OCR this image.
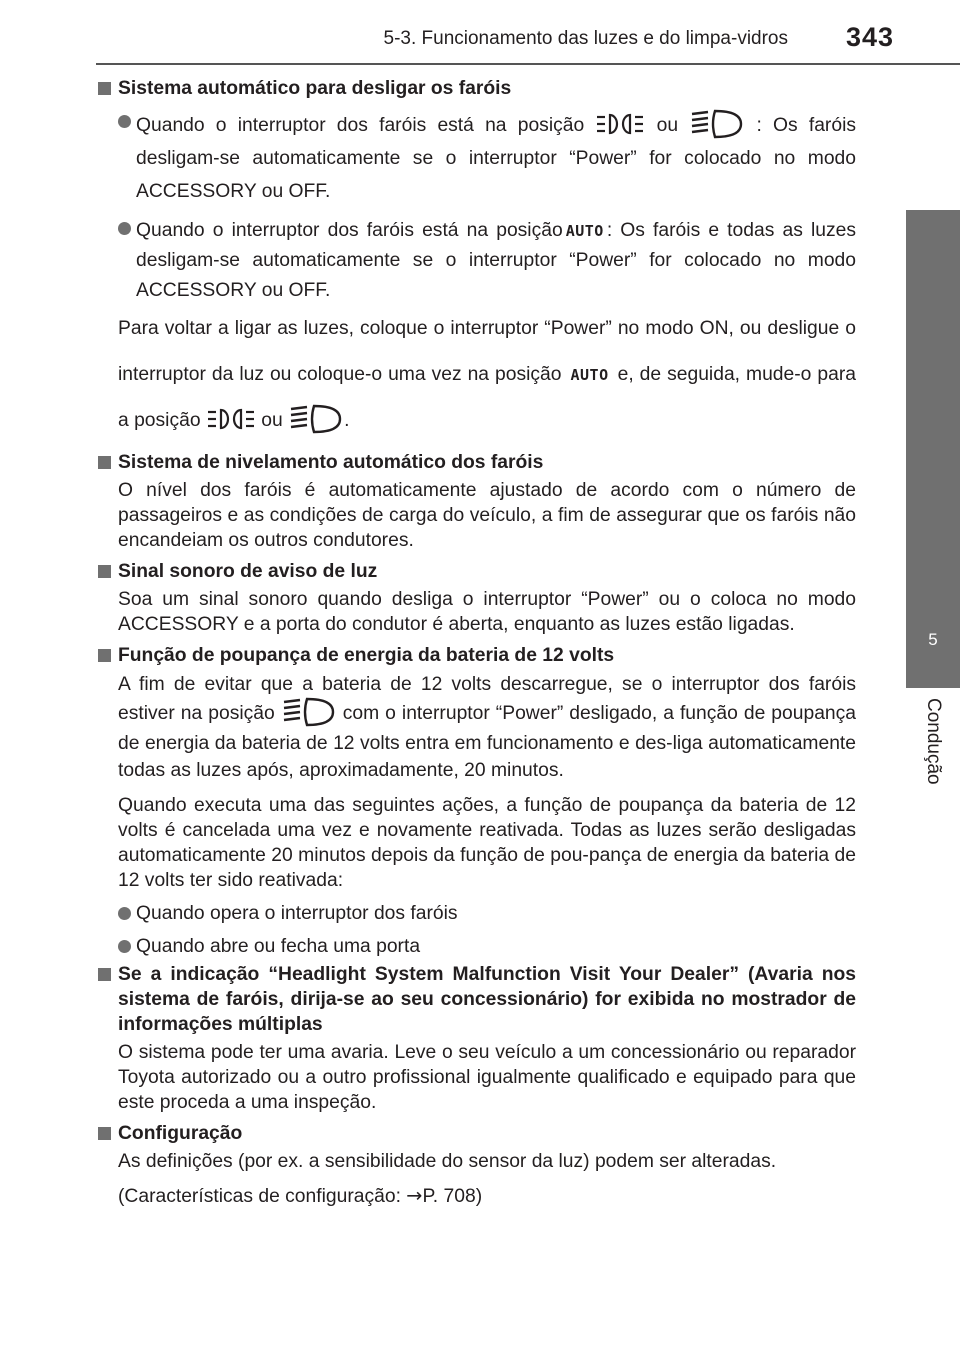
5-3. Funcionamento das luzes e do limpa-vidros 343
5
Condução
Sistema automático para desligar os faróis
Quando o interruptor dos faróis está na posição	ou	: Os faróis desligam-se automaticamente se o interruptor “Power” for colocado no modo ACCESSORY ou OFF.
Quando o interruptor dos faróis está na posição AUTO : Os faróis e todas as luzes desligam-se automaticamente se o interruptor “Power” for colocado no modo ACCESSORY ou OFF.
Para voltar a ligar as luzes, coloque o interruptor “Power” no modo ON, ou desligue o interruptor da luz ou coloque-o uma vez na posição AUTO e, de seguida, mude-o para a posição	ou	.
Sistema de nivelamento automático dos faróis
O nível dos faróis é automaticamente ajustado de acordo com o número de passageiros e as condições de carga do veículo, a fim de assegurar que os faróis não encandeiam os outros condutores.
Sinal sonoro de aviso de luz
Soa um sinal sonoro quando desliga o interruptor “Power” ou o coloca no modo ACCESSORY e a porta do condutor é aberta, enquanto as luzes estão ligadas.
Função de poupança de energia da bateria de 12 volts
A fim de evitar que a bateria de 12 volts descarregue, se o interruptor dos faróis estiver na posição	com o interruptor “Power” desligado, a função de poupança de energia da bateria de 12 volts entra em funcionamento e des-liga automaticamente todas as luzes após, aproximadamente, 20 minutos.
Quando executa uma das seguintes ações, a função de poupança da bateria de 12 volts é cancelada uma vez e novamente reativada. Todas as luzes serão desligadas automaticamente 20 minutos depois da função de pou-pança de energia da bateria de 12 volts ter sido reativada:
Quando opera o interruptor dos faróis
Quando abre ou fecha uma porta
Se a indicação “Headlight System Malfunction Visit Your Dealer” (Avaria nos sistema de faróis, dirija-se ao seu concessionário) for exibida no mostrador de informações múltiplas
O sistema pode ter uma avaria. Leve o seu veículo a um concessionário ou reparador Toyota autorizado ou a outro profissional igualmente qualificado e equipado para que este proceda a uma inspeção.
Configuração
As definições (por ex. a sensibilidade do sensor da luz) podem ser alteradas.
(Características de configuração: →P. 708)
